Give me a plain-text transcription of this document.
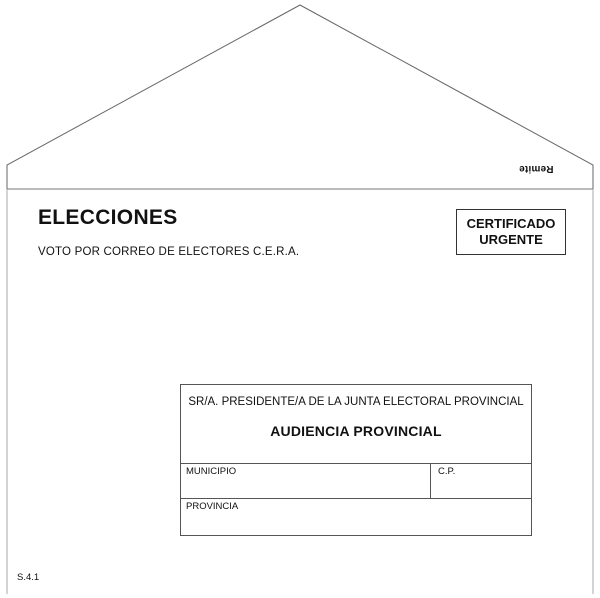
Remite
ELECCIONES
VOTO POR CORREO DE ELECTORES C.E.R.A.
CERTIFICADO
URGENTE
SR/A. PRESIDENTE/A DE LA JUNTA ELECTORAL PROVINCIAL
AUDIENCIA PROVINCIAL
MUNICIPIO	C.P.
PROVINCIA
S.4.1
